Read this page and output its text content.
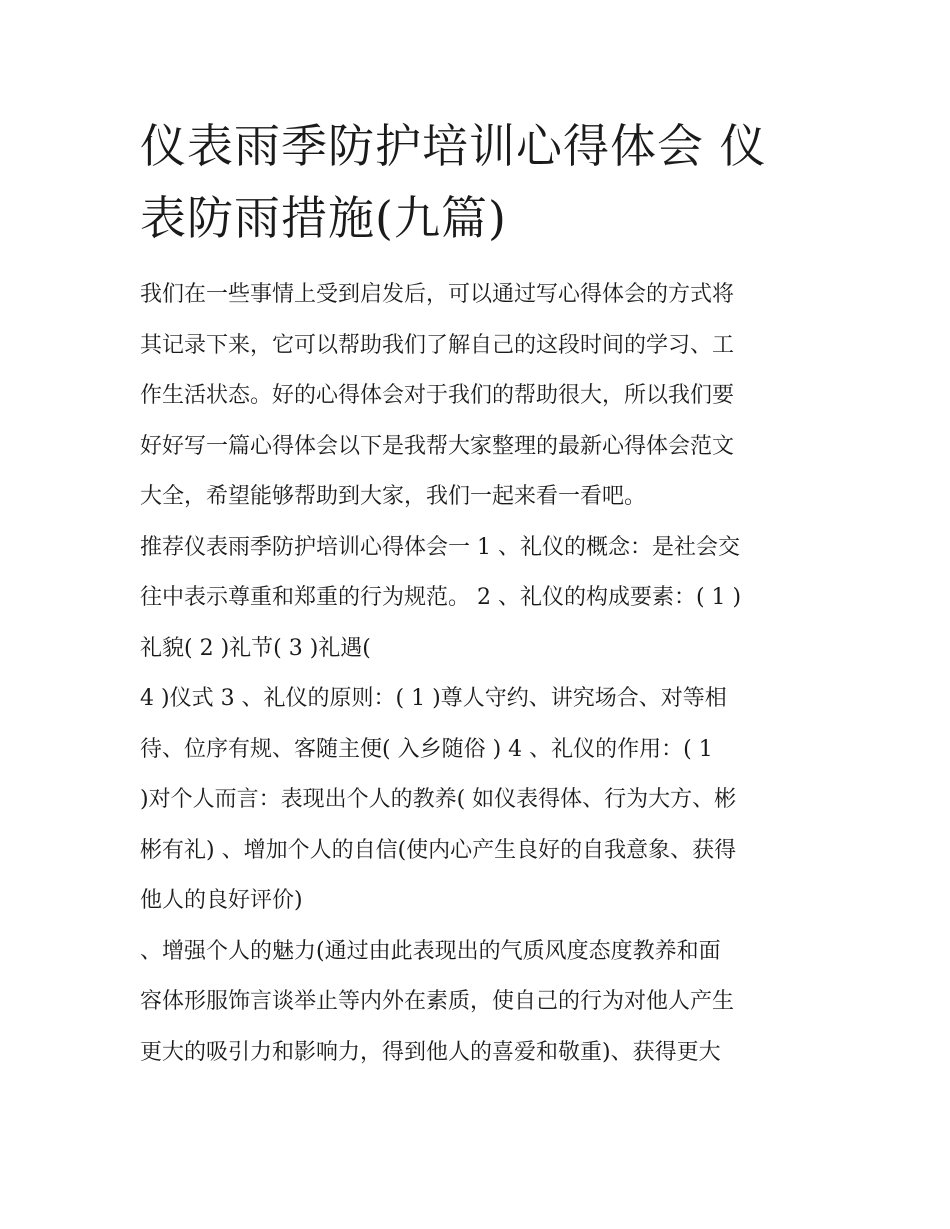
仪表雨季防护培训心得体会 仪
表防雨措施(九篇)

我们在一些事情上受到启发后，可以通过写心得体会的方式将
其记录下来，它可以帮助我们了解自己的这段时间的学习、工
作生活状态。好的心得体会对于我们的帮助很大，所以我们要
好好写一篇心得体会以下是我帮大家整理的最新心得体会范文
大全，希望能够帮助到大家，我们一起来看一看吧。

推荐仪表雨季防护培训心得体会一 1 、礼仪的概念：是社会交
往中表示尊重和郑重的行为规范。 2 、礼仪的构成要素：( 1 )
礼貌( 2 )礼节( 3 )礼遇(
4 )仪式 3 、礼仪的原则：( 1 )尊人守约、讲究场合、对等相
待、位序有规、客随主便( 入乡随俗 ) 4 、礼仪的作用：( 1
)对个人而言：表现出个人的教养( 如仪表得体、行为大方、彬
彬有礼) 、增加个人的自信(使内心产生良好的自我意象、获得
他人的良好评价)
、增强个人的魅力(通过由此表现出的气质风度态度教养和面
容体形服饰言谈举止等内外在素质，使自己的行为对他人产生
更大的吸引力和影响力，得到他人的喜爱和敬重)、获得更大
